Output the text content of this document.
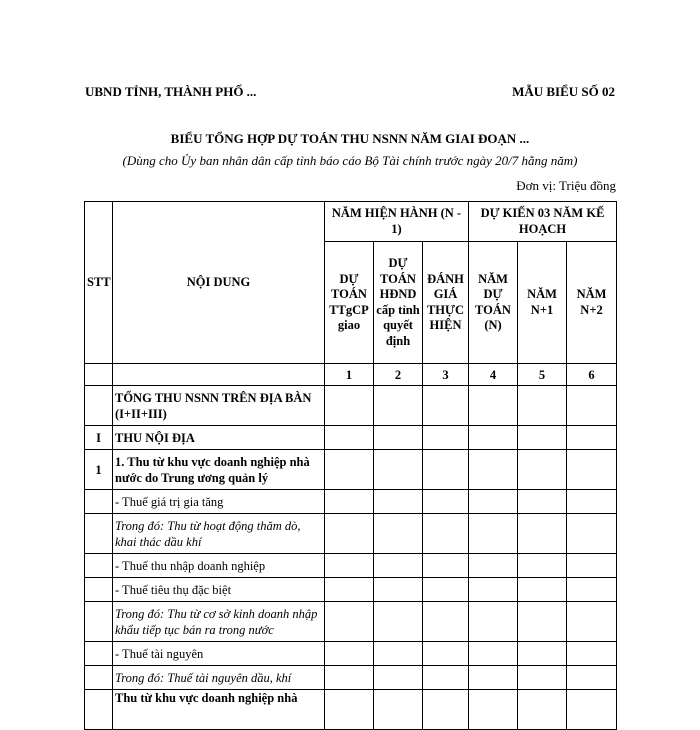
UBND TỈNH, THÀNH PHỐ ...	MẪU BIỂU SỐ 02
BIỂU TỔNG HỢP DỰ TOÁN THU NSNN NĂM GIAI ĐOẠN ...
(Dùng cho Ủy ban nhân dân cấp tỉnh báo cáo Bộ Tài chính trước ngày 20/7 hằng năm)
Đơn vị: Triệu đồng
STT	NỘI DUNG	NĂM HIỆN HÀNH (N - 1)			DỰ KIẾN 03 NĂM KẾ HOẠCH		
		DỰ TOÁN TTgCP giao	DỰ TOÁN HĐND cấp tỉnh quyết định	ĐÁNH GIÁ THỰC HIỆN	NĂM DỰ TOÁN (N)	NĂM N+1	NĂM N+2
		1	2	3	4	5	6
	TỔNG THU NSNN TRÊN ĐỊA BÀN (I+II+III)						
I	THU NỘI ĐỊA						
1	1. Thu từ khu vực doanh nghiệp nhà nước do Trung ương quản lý						
	- Thuế giá trị gia tăng						
	Trong đó: Thu từ hoạt động thăm dò, khai thác dầu khí						
	- Thuế thu nhập doanh nghiệp						
	- Thuế tiêu thụ đặc biệt						
	Trong đó: Thu từ cơ sở kinh doanh nhập khẩu tiếp tục bán ra trong nước						
	- Thuế tài nguyên						
	Trong đó: Thuế tài nguyên dầu, khí						
	Thu từ khu vực doanh nghiệp nhà						
